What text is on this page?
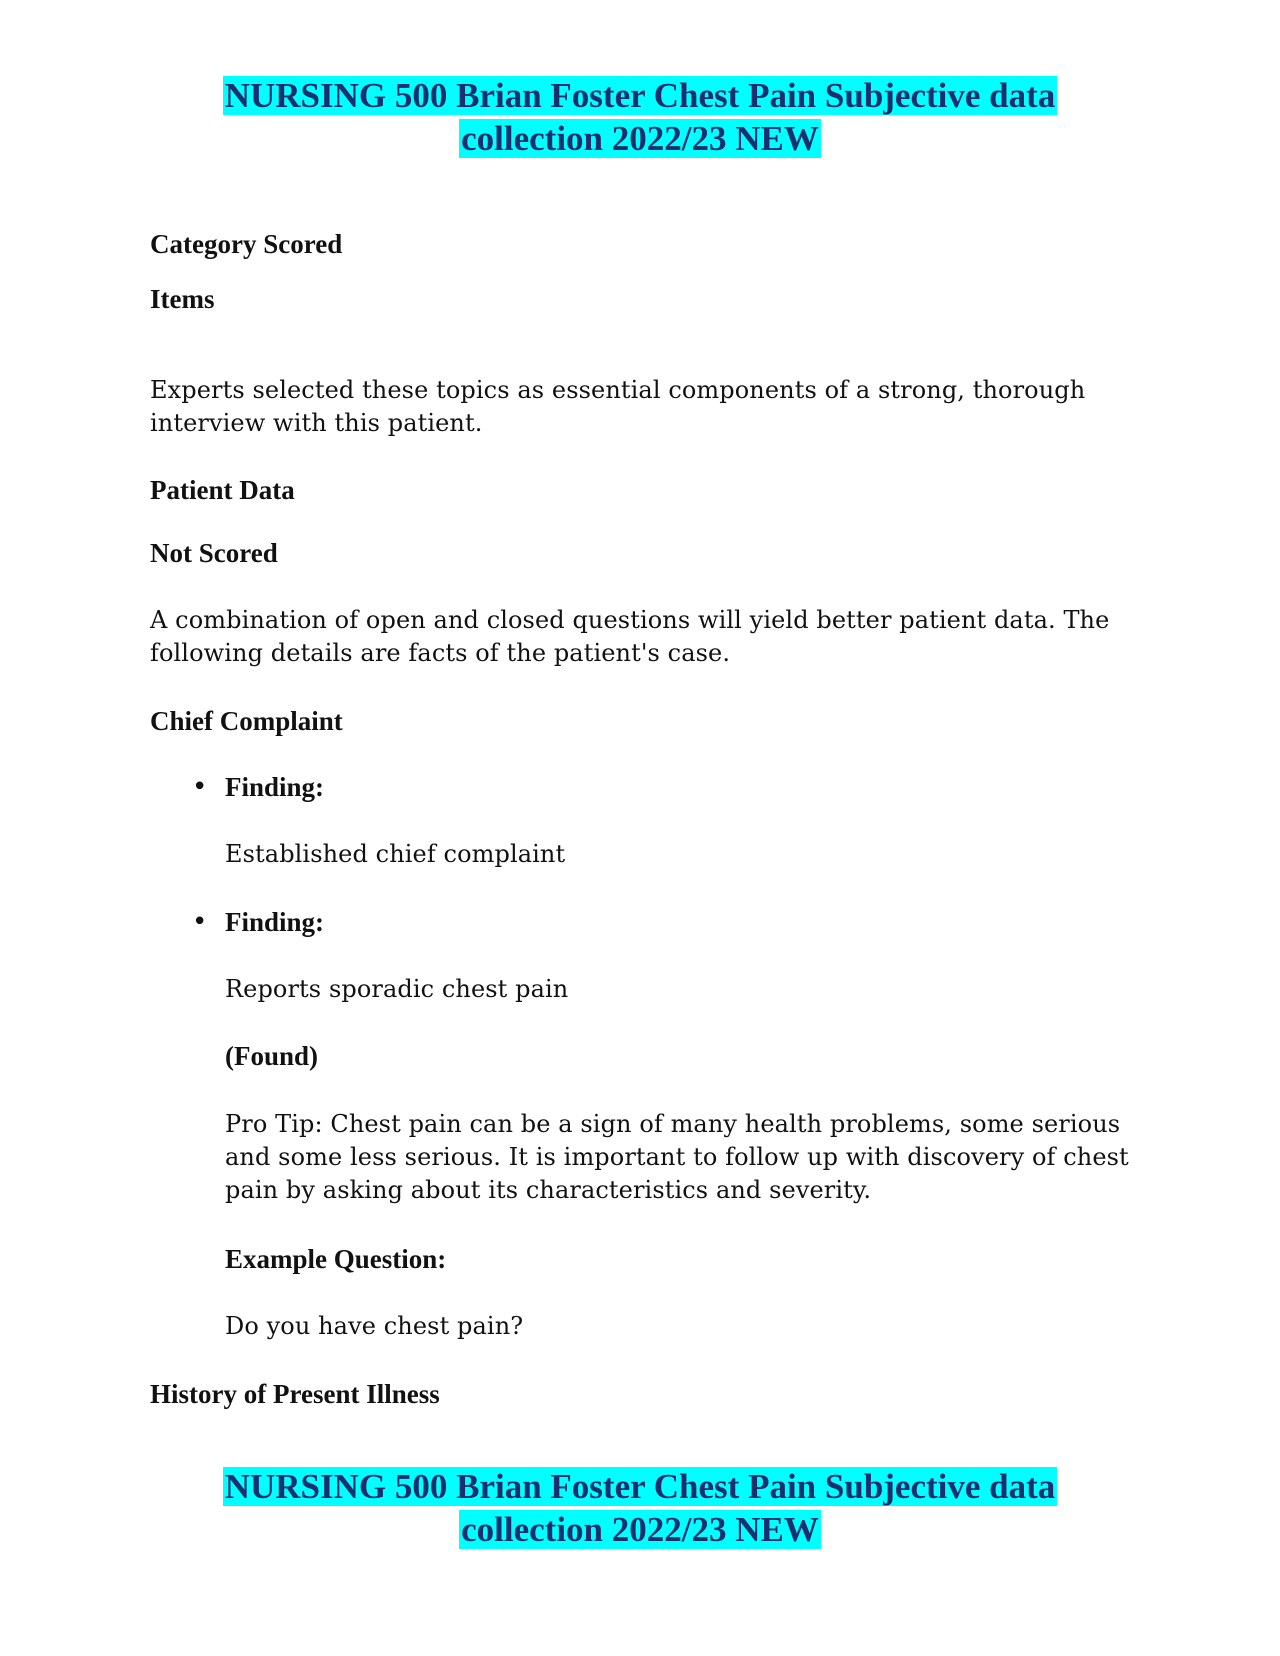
NURSING 500 Brian Foster Chest Pain Subjective data
collection 2022/23 NEW
Category Scored
Items
Experts selected these topics as essential components of a strong, thorough interview with this patient.
Patient Data
Not Scored
A combination of open and closed questions will yield better patient data. The following details are facts of the patient's case.
Chief Complaint
• Finding:
Established chief complaint
• Finding:
Reports sporadic chest pain
(Found)
Pro Tip: Chest pain can be a sign of many health problems, some serious and some less serious. It is important to follow up with discovery of chest pain by asking about its characteristics and severity.
Example Question:
Do you have chest pain?
History of Present Illness
NURSING 500 Brian Foster Chest Pain Subjective data
collection 2022/23 NEW
